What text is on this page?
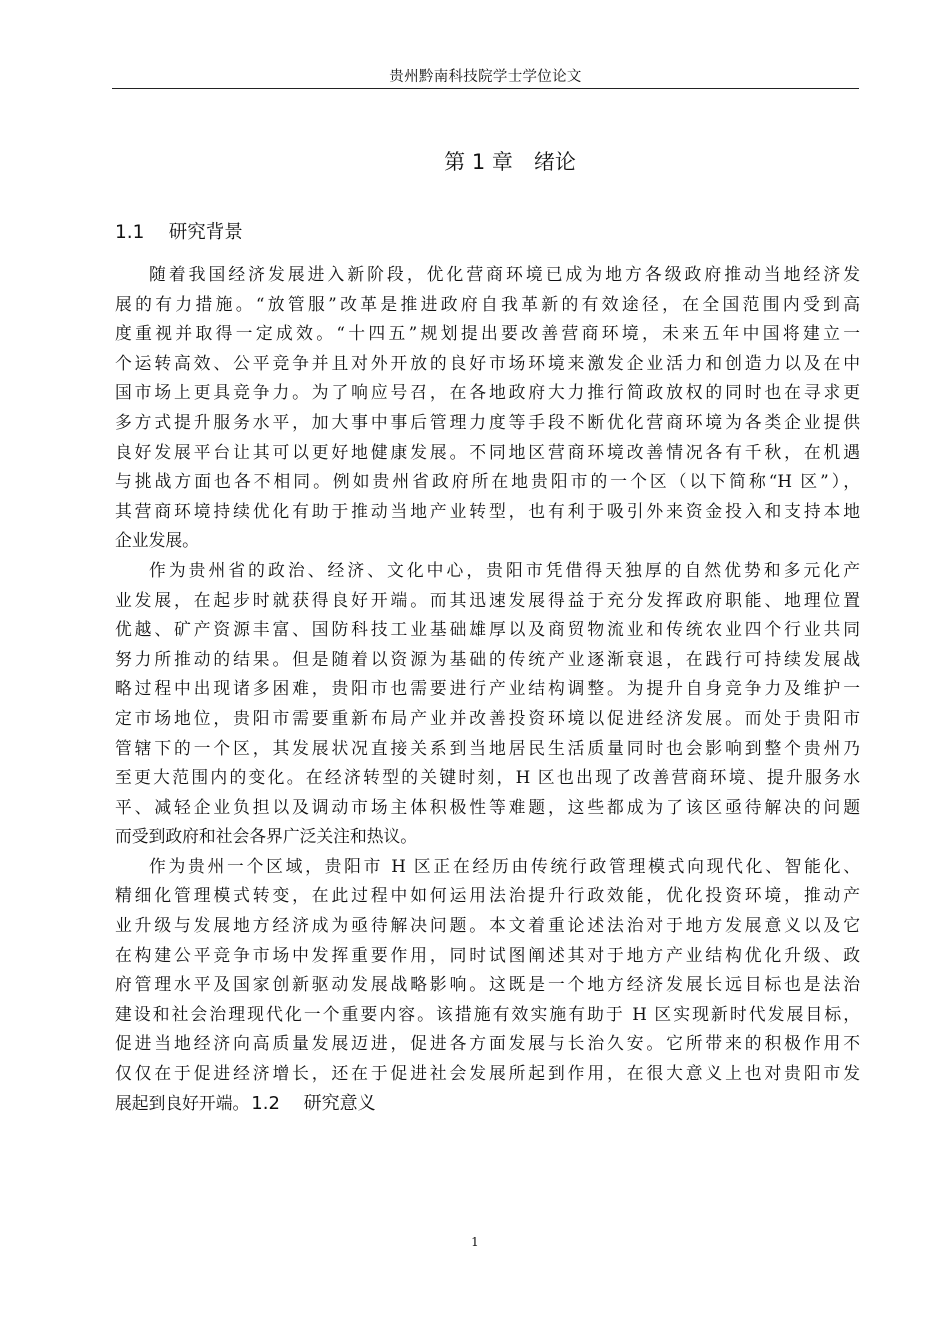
贵州黔南科技院学士学位论文
第 1 章　绪论
1.1　 研究背景
随着我国经济发展进入新阶段，优化营商环境已成为地方各级政府推动当地经济发
展的有力措施。“放管服”改革是推进政府自我革新的有效途径，在全国范围内受到高
度重视并取得一定成效。“十四五”规划提出要改善营商环境，未来五年中国将建立一
个运转高效、公平竞争并且对外开放的良好市场环境来激发企业活力和创造力以及在中
国市场上更具竞争力。为了响应号召，在各地政府大力推行简政放权的同时也在寻求更
多方式提升服务水平，加大事中事后管理力度等手段不断优化营商环境为各类企业提供
良好发展平台让其可以更好地健康发展。不同地区营商环境改善情况各有千秋，在机遇
与挑战方面也各不相同。例如贵州省政府所在地贵阳市的一个区（以下简称“H 区”），
其营商环境持续优化有助于推动当地产业转型，也有利于吸引外来资金投入和支持本地
企业发展。
作为贵州省的政治、经济、文化中心，贵阳市凭借得天独厚的自然优势和多元化产
业发展，在起步时就获得良好开端。而其迅速发展得益于充分发挥政府职能、地理位置
优越、矿产资源丰富、国防科技工业基础雄厚以及商贸物流业和传统农业四个行业共同
努力所推动的结果。但是随着以资源为基础的传统产业逐渐衰退，在践行可持续发展战
略过程中出现诸多困难，贵阳市也需要进行产业结构调整。为提升自身竞争力及维护一
定市场地位，贵阳市需要重新布局产业并改善投资环境以促进经济发展。而处于贵阳市
管辖下的一个区，其发展状况直接关系到当地居民生活质量同时也会影响到整个贵州乃
至更大范围内的变化。在经济转型的关键时刻，H 区也出现了改善营商环境、提升服务水
平、减轻企业负担以及调动市场主体积极性等难题，这些都成为了该区亟待解决的问题
而受到政府和社会各界广泛关注和热议。
作为贵州一个区域，贵阳市 H 区正在经历由传统行政管理模式向现代化、智能化、
精细化管理模式转变，在此过程中如何运用法治提升行政效能，优化投资环境，推动产
业升级与发展地方经济成为亟待解决问题。本文着重论述法治对于地方发展意义以及它
在构建公平竞争市场中发挥重要作用，同时试图阐述其对于地方产业结构优化升级、政
府管理水平及国家创新驱动发展战略影响。这既是一个地方经济发展长远目标也是法治
建设和社会治理现代化一个重要内容。该措施有效实施有助于 H 区实现新时代发展目标，
促进当地经济向高质量发展迈进，促进各方面发展与长治久安。它所带来的积极作用不
仅仅在于促进经济增长，还在于促进社会发展所起到作用，在很大意义上也对贵阳市发
展起到良好开端。 1.2　 研究意义
1
